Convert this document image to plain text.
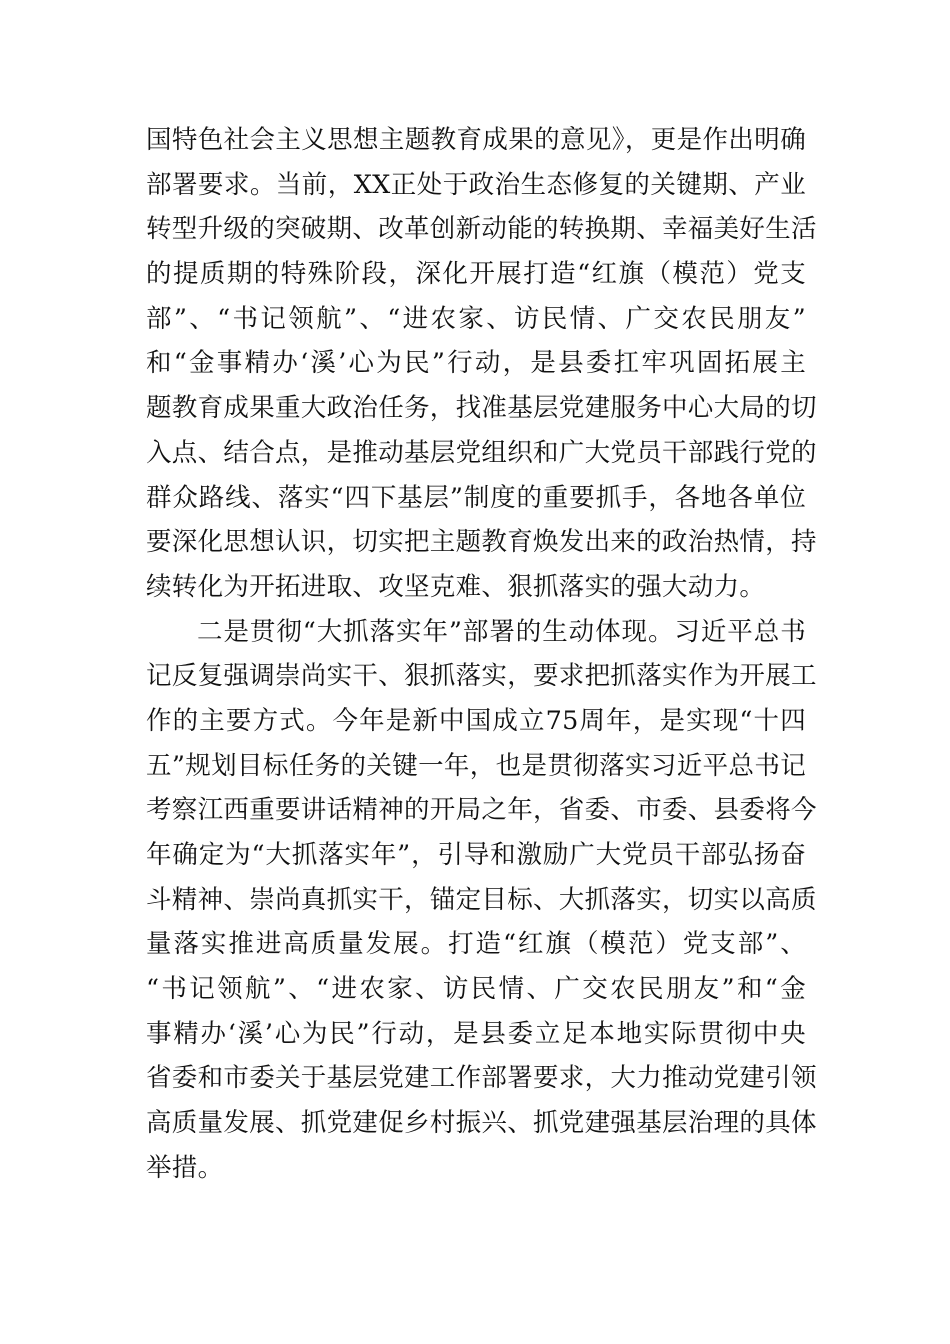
国特色社会主义思想主题教育成果的意见》，更是作出明确
部署要求。当前，XX正处于政治生态修复的关键期、产业
转型升级的突破期、改革创新动能的转换期、幸福美好生活
的提质期的特殊阶段，深化开展打造“红旗（模范）党支
部”、“书记领航”、“进农家、访民情、广交农民朋友”
和“金事精办‘溪’心为民”行动，是县委扛牢巩固拓展主
题教育成果重大政治任务，找准基层党建服务中心大局的切
入点、结合点，是推动基层党组织和广大党员干部践行党的
群众路线、落实“四下基层”制度的重要抓手，各地各单位
要深化思想认识，切实把主题教育焕发出来的政治热情，持
续转化为开拓进取、攻坚克难、狠抓落实的强大动力。
二是贯彻“大抓落实年”部署的生动体现。习近平总书
记反复强调崇尚实干、狠抓落实，要求把抓落实作为开展工
作的主要方式。今年是新中国成立75周年，是实现“十四
五”规划目标任务的关键一年，也是贯彻落实习近平总书记
考察江西重要讲话精神的开局之年，省委、市委、县委将今
年确定为“大抓落实年”，引导和激励广大党员干部弘扬奋
斗精神、崇尚真抓实干，锚定目标、大抓落实，切实以高质
量落实推进高质量发展。打造“红旗（模范）党支部”、
“书记领航”、“进农家、访民情、广交农民朋友”和“金
事精办‘溪’心为民”行动，是县委立足本地实际贯彻中央
省委和市委关于基层党建工作部署要求，大力推动党建引领
高质量发展、抓党建促乡村振兴、抓党建强基层治理的具体
举措。
